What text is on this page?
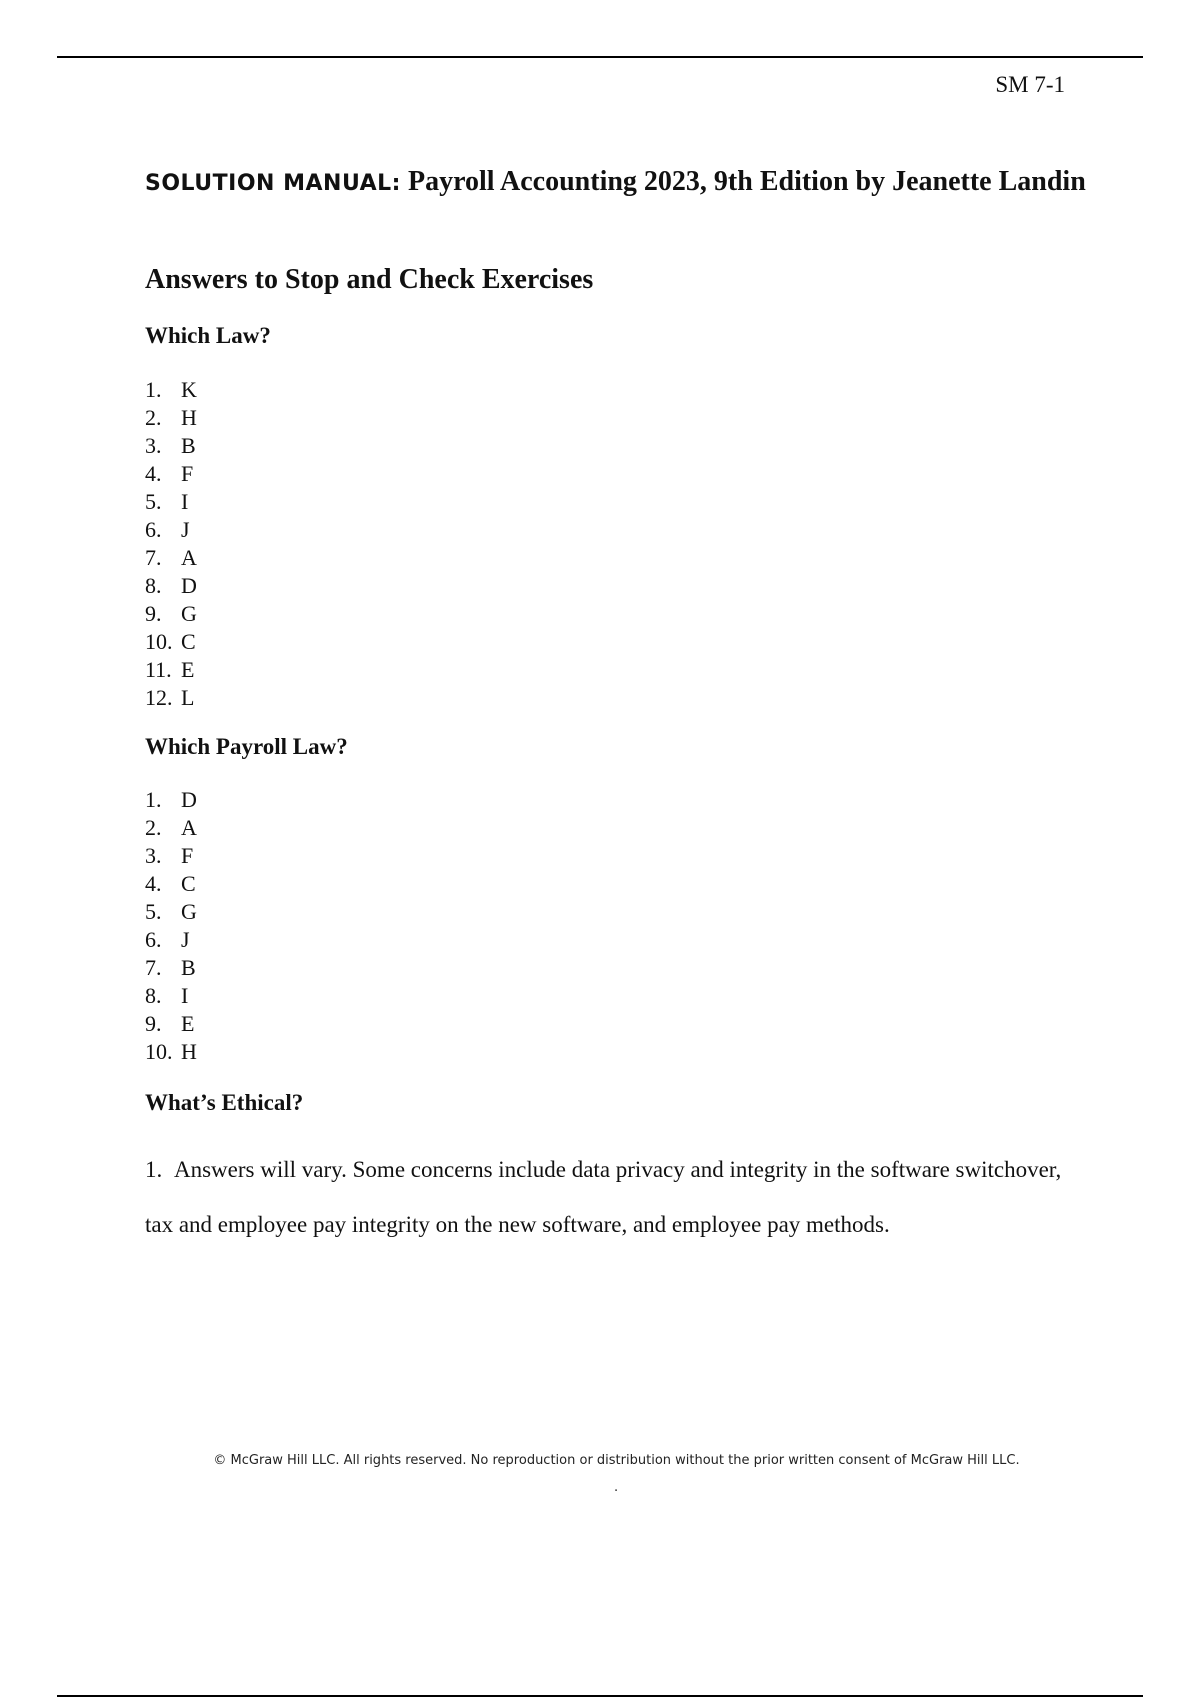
SM 7-1
SOLUTION MANUAL: Payroll Accounting 2023, 9th Edition by Jeanette Landin
Answers to Stop and Check Exercises
Which Law?
1. K
2. H
3. B
4. F
5. I
6. J
7. A
8. D
9. G
10. C
11. E
12. L
Which Payroll Law?
1. D
2. A
3. F
4. C
5. G
6. J
7. B
8. I
9. E
10. H
What’s Ethical?
1. Answers will vary. Some concerns include data privacy and integrity in the software switchover, tax and employee pay integrity on the new software, and employee pay methods.
© McGraw Hill LLC. All rights reserved. No reproduction or distribution without the prior written consent of McGraw Hill LLC.
.
